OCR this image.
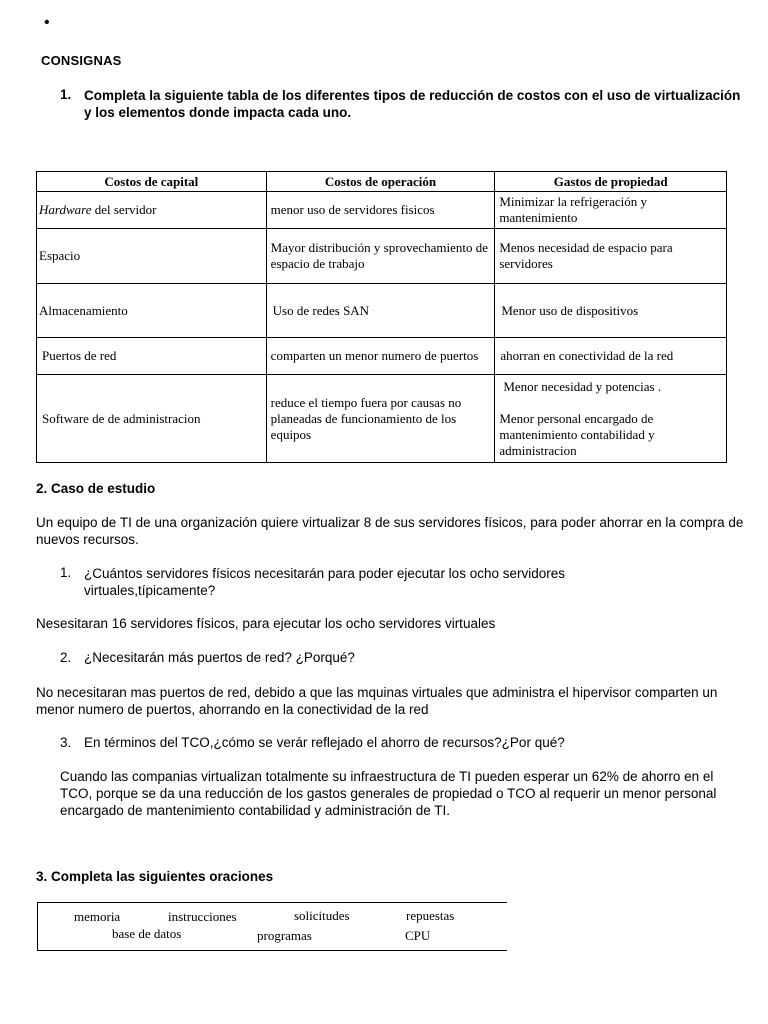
•
CONSIGNAS
1. Completa la siguiente tabla de los diferentes tipos de reducción de costos con el uso de virtualización y los elementos donde impacta cada uno.
Costos de capital	Costos de operación	Gastos de propiedad
Hardware del servidor	menor uso de servidores fisicos	Minimizar la refrigeración y mantenimiento
Espacio	Mayor distribución y sprovechamiento de espacio de trabajo	Menos necesidad de espacio para servidores
Almacenamiento	Uso de redes SAN	Menor uso de dispositivos
Puertos de red	comparten un menor numero de puertos	ahorran en conectividad de la red
Software de de administracion	reduce el tiempo fuera por causas no planeadas de funcionamiento de los equipos	Menor necesidad y potencias .
Menor personal encargado de mantenimiento contabilidad y administracion
2. Caso de estudio
Un equipo de TI de una organización quiere virtualizar 8 de sus servidores físicos, para poder ahorrar en la compra de nuevos recursos.
1. ¿Cuántos servidores físicos necesitarán para poder ejecutar los ocho servidores virtuales,típicamente?
Nesesitaran 16 servidores físicos, para ejecutar los ocho servidores virtuales
2. ¿Necesitarán más puertos de red? ¿Porqué?
No necesitaran mas puertos de red, debido a que las mquinas virtuales que administra el hipervisor comparten un menor numero de puertos, ahorrando en la conectividad de la red
3. En términos del TCO,¿cómo se verár reflejado el ahorro de recursos?¿Por qué?
Cuando las companias virtualizan totalmente su infraestructura de TI pueden esperar un 62% de ahorro en el TCO, porque se da una reducción de los gastos generales de propiedad o TCO al requerir un menor personal encargado de mantenimiento contabilidad y administración de TI.
3. Completa las siguientes oraciones
memoria	instrucciones	solicitudes	repuestas
base de datos	programas	CPU
